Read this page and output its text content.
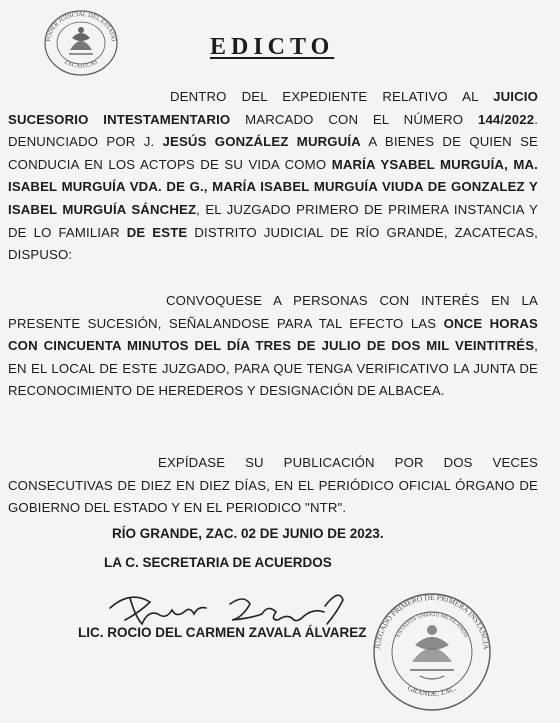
PODER JUDICIAL DEL ESTADO
ZACATECAS
EDICTO

DENTRO DEL EXPEDIENTE RELATIVO AL JUICIO SUCESORIO INTESTAMENTARIO MARCADO CON EL NÚMERO 144/2022. DENUNCIADO POR J. JESÚS GONZÁLEZ MURGUÍA A BIENES DE QUIEN SE CONDUCIA EN LOS ACTOPS DE SU VIDA COMO MARÍA YSABEL MURGUÍA, MA. ISABEL MURGUÍA VDA. DE G., MARÍA ISABEL MURGUÍA VIUDA DE GONZALEZ Y ISABEL MURGUÍA SÁNCHEZ, EL JUZGADO PRIMERO DE PRIMERA INSTANCIA Y DE LO FAMILIAR DE ESTE DISTRITO JUDICIAL DE RÍO GRANDE, ZACATECAS, DISPUSO:

CONVOQUESE A PERSONAS CON INTERÉS EN LA PRESENTE SUCESIÓN, SEÑALANDOSE PARA TAL EFECTO LAS ONCE HORAS CON CINCUENTA MINUTOS DEL DÍA TRES DE JULIO DE DOS MIL VEINTITRÉS, EN EL LOCAL DE ESTE JUZGADO, PARA QUE TENGA VERIFICATIVO LA JUNTA DE RECONOCIMIENTO DE HEREDEROS Y DESIGNACIÓN DE ALBACEA.

EXPÍDASE SU PUBLICACIÓN POR DOS VECES CONSECUTIVAS DE DIEZ EN DIEZ DÍAS, EN EL PERIÓDICO OFICIAL ÓRGANO DE GOBIERNO DEL ESTADO Y EN EL PERIODICO "NTR".

RÍO GRANDE, ZAC. 02 DE JUNIO DE 2023.

LA C. SECRETARIA DE ACUERDOS

LIC. ROCIO DEL CARMEN ZAVALA ÁLVAREZ

JUZGADO PRIMERO DE PRIMERA INSTANCIA
ESTADOS UNIDOS MEXICANOS
GRANDE, ZAC.
